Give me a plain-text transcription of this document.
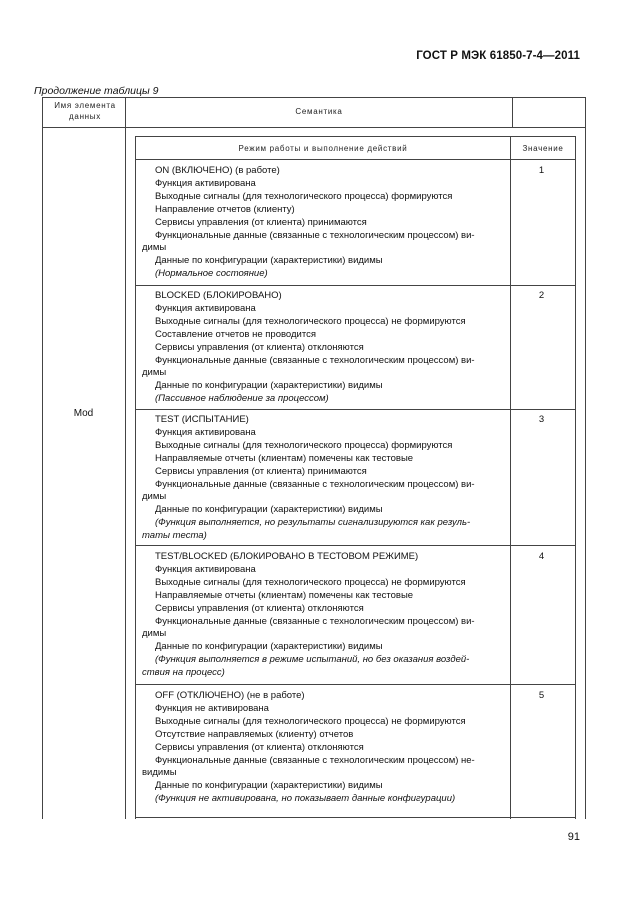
ГОСТ Р МЭК 61850-7-4—2011
Продолжение таблицы 9
Имя элемента данных
Семантика
Mod
Режим работы и выполнение действий	Значение
ON (ВКЛЮЧЕНО) (в работе)
Функция активирована
Выходные сигналы (для технологического процесса) формируются
Направление отчетов (клиенту)
Сервисы управления (от клиента) принимаются
Функциональные данные (связанные с технологическим процессом) ви-
димы
Данные по конфигурации (характеристики) видимы
(Нормальное состояние)
1
BLOCKED (БЛОКИРОВАНО)
Функция активирована
Выходные сигналы (для технологического процесса) не формируются
Составление отчетов не проводится
Сервисы управления (от клиента) отклоняются
Функциональные данные (связанные с технологическим процессом) ви-
димы
Данные по конфигурации (характеристики) видимы
(Пассивное наблюдение за процессом)
2
TEST (ИСПЫТАНИЕ)
Функция активирована
Выходные сигналы (для технологического процесса) формируются
Направляемые отчеты (клиентам) помечены как тестовые
Сервисы управления (от клиента) принимаются
Функциональные данные (связанные с технологическим процессом) ви-
димы
Данные по конфигурации (характеристики) видимы
(Функция выполняется, но результаты сигнализируются как резуль-
таты теста)
3
TEST/BLOCKED (БЛОКИРОВАНО В ТЕСТОВОМ РЕЖИМЕ)
Функция активирована
Выходные сигналы (для технологического процесса) не формируются
Направляемые отчеты (клиентам) помечены как тестовые
Сервисы управления (от клиента) отклоняются
Функциональные данные (связанные с технологическим процессом) ви-
димы
Данные по конфигурации (характеристики) видимы
(Функция выполняется в режиме испытаний, но без оказания воздей-
ствия на процесс)
4
OFF (ОТКЛЮЧЕНО) (не в работе)
Функция не активирована
Выходные сигналы (для технологического процесса) не формируются
Отсутствие направляемых (клиенту) отчетов
Сервисы управления (от клиента) отклоняются
Функциональные данные (связанные с технологическим процессом) не-
видимы
Данные по конфигурации (характеристики) видимы
(Функция не активирована, но показывает данные конфигурации)
5
91
